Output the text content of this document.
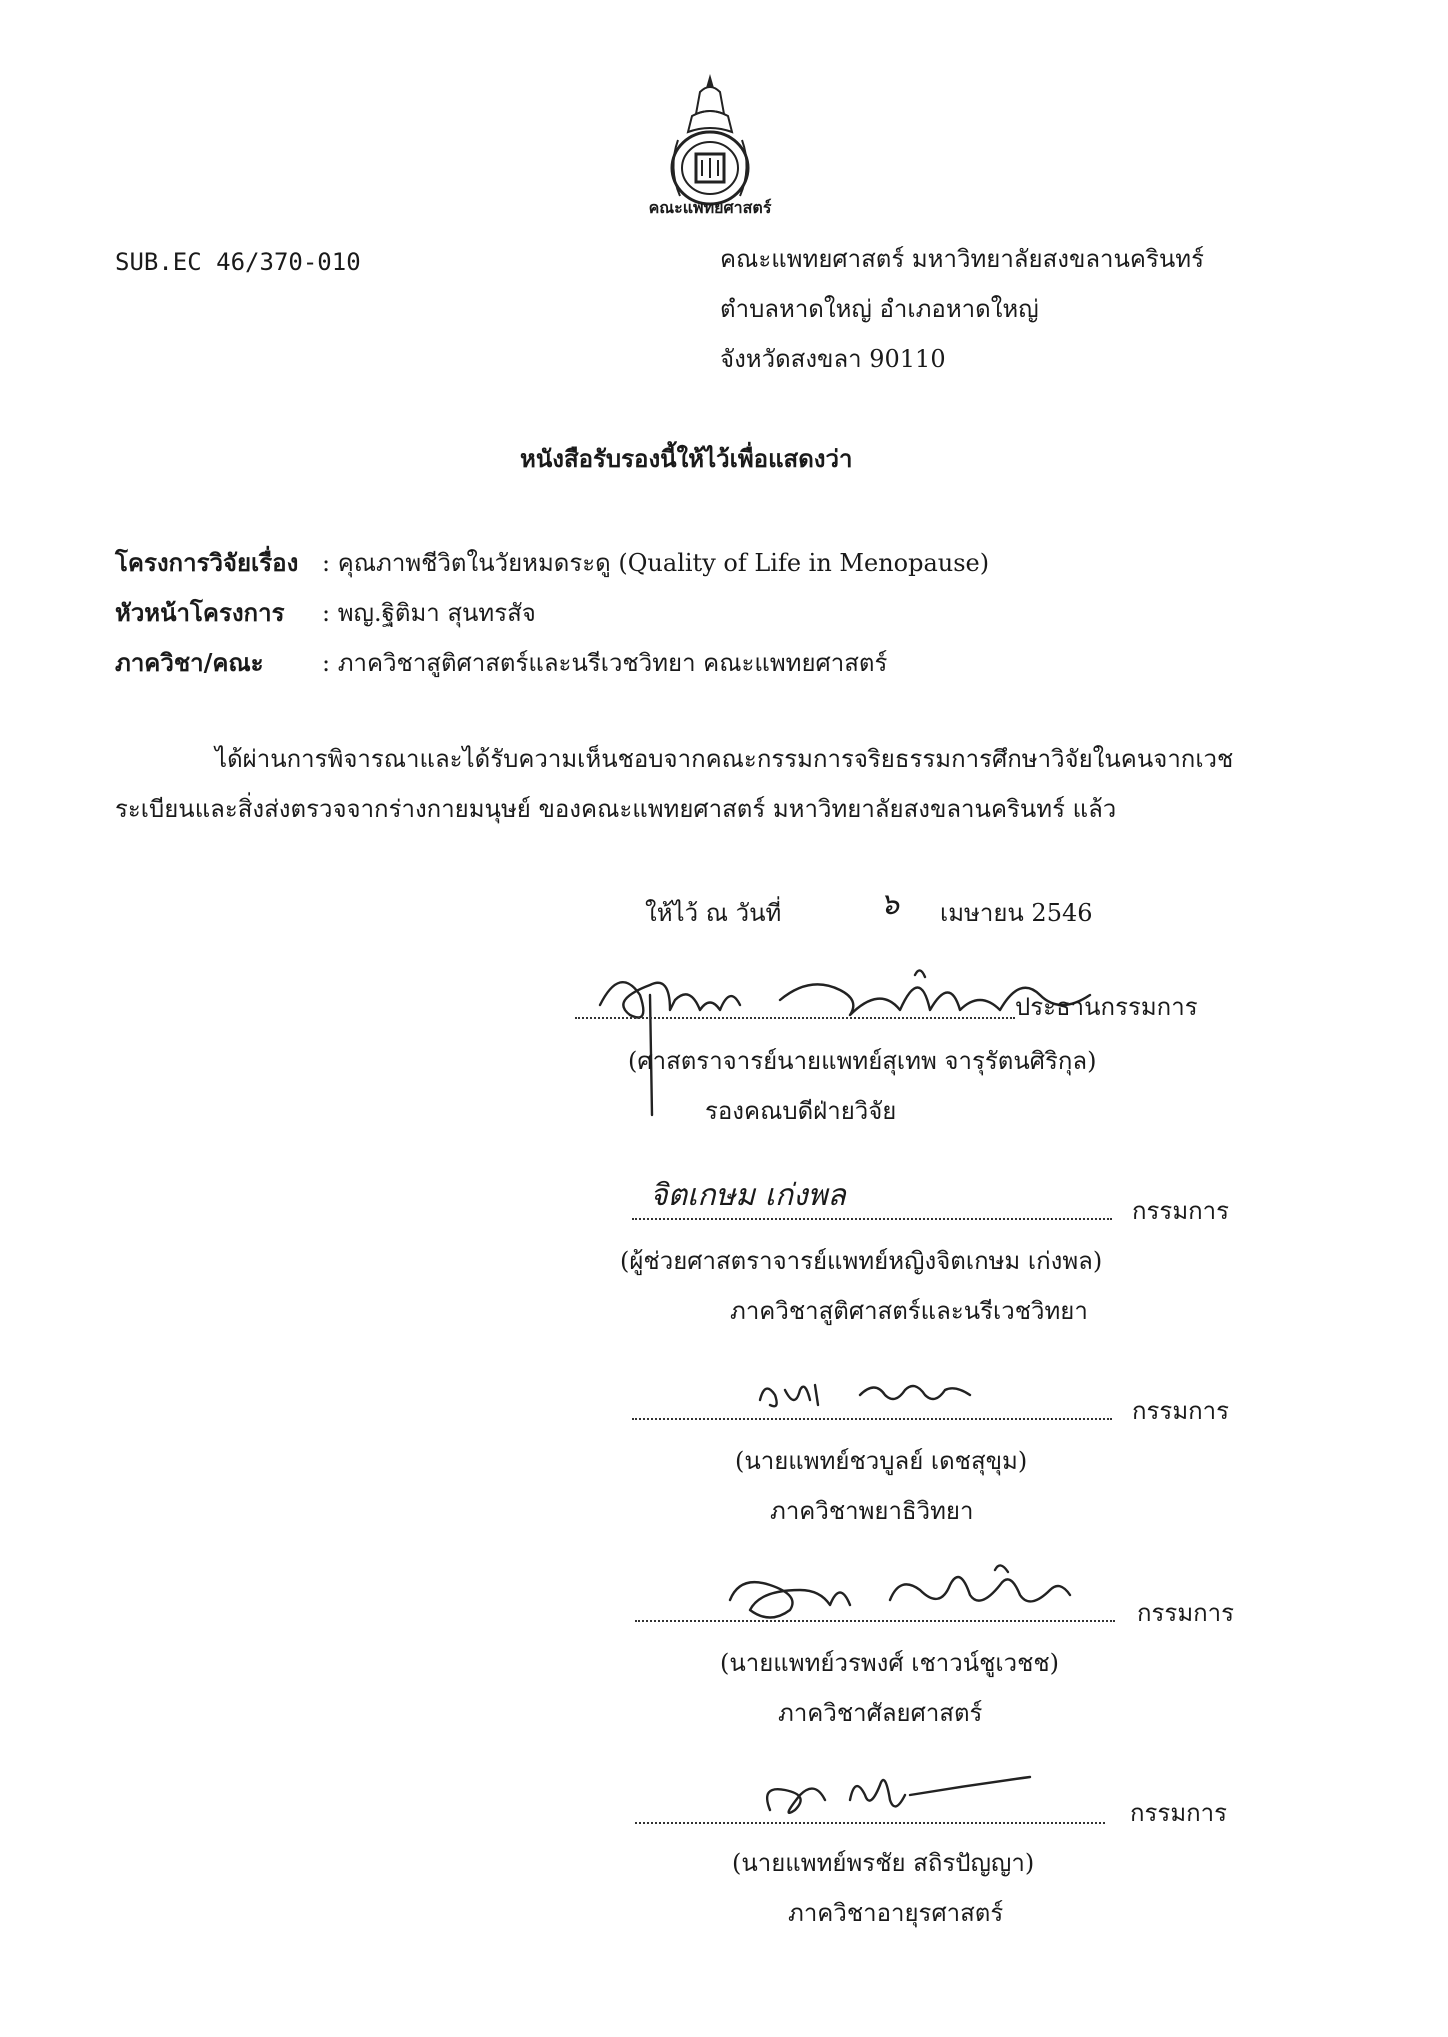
คณะแพทยศาสตร์
SUB.EC 46/370-010	คณะแพทยศาสตร์ มหาวิทยาลัยสงขลานครินทร์
ตำบลหาดใหญ่ อำเภอหาดใหญ่
จังหวัดสงขลา 90110
หนังสือรับรองนี้ให้ไว้เพื่อแสดงว่า
โครงการวิจัยเรื่อง : คุณภาพชีวิตในวัยหมดระดู (Quality of Life in Menopause)
หัวหน้าโครงการ : พญ.ฐิติมา สุนทรสัจ
ภาควิชา/คณะ : ภาควิชาสูติศาสตร์และนรีเวชวิทยา คณะแพทยศาสตร์
ได้ผ่านการพิจารณาและได้รับความเห็นชอบจากคณะกรรมการจริยธรรมการศึกษาวิจัยในคนจากเวช
ระเบียนและสิ่งส่งตรวจจากร่างกายมนุษย์ ของคณะแพทยศาสตร์ มหาวิทยาลัยสงขลานครินทร์ แล้ว
ให้ไว้ ณ วันที่	๖ เมษายน 2546
ประธานกรรมการ
(ศาสตราจารย์นายแพทย์สุเทพ จารุรัตนศิริกุล)
รองคณบดีฝ่ายวิจัย
จิตเกษม เก่งพล	กรรมการ
(ผู้ช่วยศาสตราจารย์แพทย์หญิงจิตเกษม เก่งพล)
ภาควิชาสูติศาสตร์และนรีเวชวิทยา
กรรมการ
(นายแพทย์ชวบูลย์ เดชสุขุม)
ภาควิชาพยาธิวิทยา
กรรมการ
(นายแพทย์วรพงศ์ เชาวน์ชูเวชช)
ภาควิชาศัลยศาสตร์
กรรมการ
(นายแพทย์พรชัย สถิรปัญญา)
ภาควิชาอายุรศาสตร์
